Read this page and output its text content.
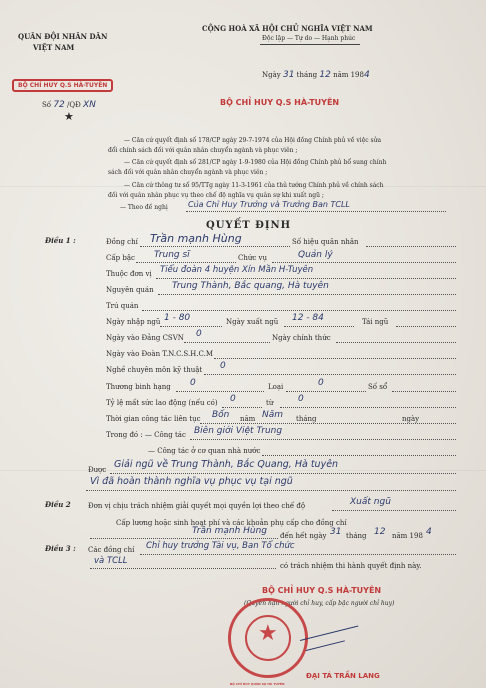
QUÂN ĐỘI NHÂN DÂN
VIỆT NAM
BỘ CHỈ HUY Q.S HÀ-TUYÊN
Số 72 /QĐ XN
★
CỘNG HOÀ XÃ HỘI CHỦ NGHĨA VIỆT NAM
Độc lập — Tự do — Hạnh phúc
Ngày 31 tháng 12 năm 1984
BỘ CHỈ HUY Q.S HÀ-TUYÊN
— Căn cứ quyết định số 178/CP ngày 29-7-1974 của Hội đồng Chính phủ về việc sửa
đổi chính sách đối với quân nhân chuyển ngành và phục viên ;
— Căn cứ quyết định số 281/CP ngày 1-9-1980 của Hội đồng Chính phủ bổ sung chính
sách đối với quân nhân chuyển ngành và phục viên ;
— Căn cứ thông tư số 95/TTg ngày 11-3-1961 của thủ tướng Chính phủ về chính sách
đối với quân nhân phục vụ theo chế độ nghĩa vụ quân sự khi xuất ngũ ;
— Theo đề nghị	Của Chỉ Huy Trưởng và Trưởng Ban TCLL
QUYẾT ĐỊNH
Điều 1 :	Đồng chí Trần mạnh Hùng	Số hiệu quân nhân
Cấp bậc Trung sĩ	Chức vụ	Quản lý
Thuộc đơn vị Tiểu đoàn 4 huyện Xín Mần H-Tuyên
Nguyên quán Trung Thành, Bắc quang, Hà tuyên
Trú quán
Ngày nhập ngũ 1 - 80	Ngày xuất ngũ 12 - 84	Tái ngũ
Ngày vào Đảng CSVN 0	Ngày chính thức
Ngày vào Đoàn T.N.C.S.H.C.M
Nghề chuyên môn kỹ thuật 0
Thương binh hạng 0	Loại	0	Số sổ
Tỷ lệ mất sức lao động (nếu có) 0	từ	0
Thời gian công tác liên tục Bốn năm Năm tháng	ngày
Trong đó : — Công tác Biên giới Việt Trung
— Công tác ở cơ quan nhà nước
Được Giải ngũ về Trung Thành, Bắc Quang, Hà tuyên
Vì đã hoàn thành nghĩa vụ phục vụ tại ngũ
Điều 2 Đơn vị chịu trách nhiệm giải quyết mọi quyền lợi theo chế độ	Xuất ngũ
Cấp lương hoặc sinh hoạt phí và các khoản phụ cấp cho đồng chí
Trần mạnh Hùng đến hết ngày 31 tháng 12 năm 198 4
Điều 3 : Các đồng chí Chỉ huy trưởng Tài vụ, Ban Tổ chức
và TCLL	có trách nhiệm thi hành quyết định này.
BỘ CHỈ HUY Q.S HÀ-TUYÊN
(Quyền hạn người chỉ huy, cấp bậc người chỉ huy)
★
BỘ CHỈ HUY QUÂN SỰ HÀ TUYÊN
ĐẠI TÁ TRẦN LANG
